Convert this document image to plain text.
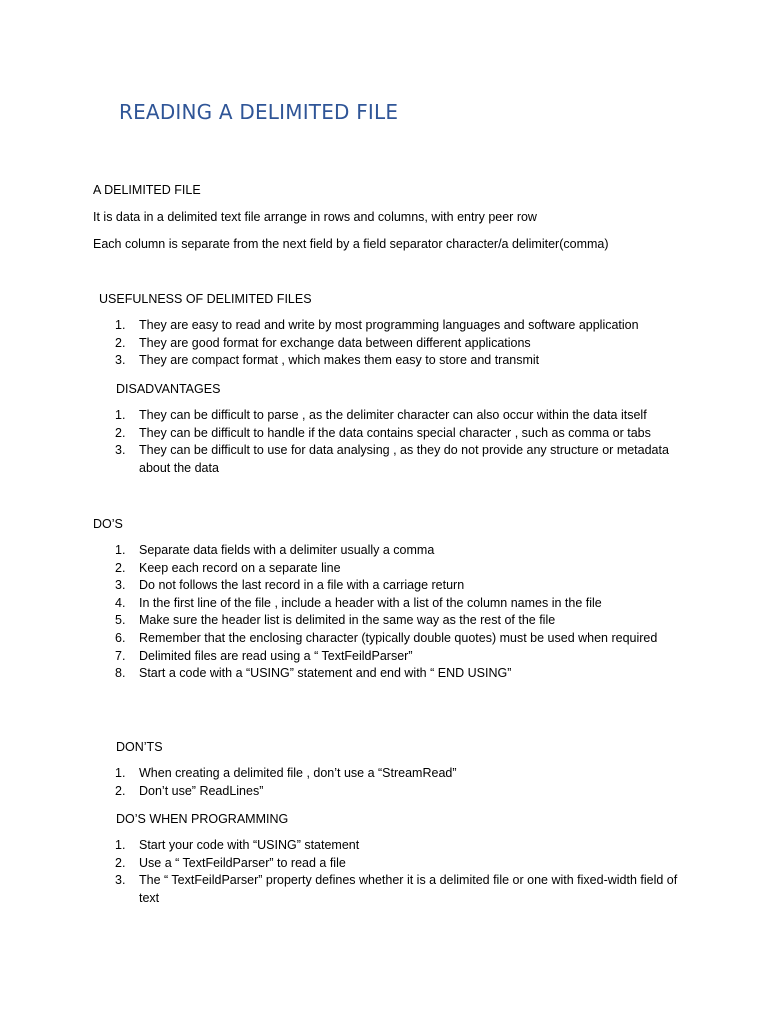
READING A DELIMITED FILE

A DELIMITED FILE

It is data in a delimited text file arrange in rows and columns, with entry peer row

Each column is separate from the next field by a field separator character/a delimiter(comma)

USEFULNESS OF DELIMITED FILES

1.	They are easy to read and write by most programming languages and software application
2.	They are good format for exchange data between different applications
3.	They are compact format , which makes them easy to store and transmit

DISADVANTAGES

1.	They can be difficult to parse , as the delimiter character can also occur within the data itself
2.	They can be difficult to handle if the data contains special character , such as comma or tabs
3.	They can be difficult to use for data analysing , as they do not provide any structure or metadata about the data

DO’S

1.	Separate data fields with a delimiter usually a comma
2.	Keep each record on a separate line
3.	Do not follows the last record in a file with a carriage return
4.	In the first line of the file , include a header with a list of the column names in the file
5.	Make sure the header list is delimited in the same way as the rest of the file
6.	Remember that the enclosing character (typically double quotes) must be used when required
7.	Delimited files are read using a “ TextFeildParser”
8.	Start a code with a “USING” statement and end with “ END USING”

DON’TS

1.	When creating a delimited file , don’t use a “StreamRead”
2.	Don’t use” ReadLines”

DO’S WHEN PROGRAMMING

1.	Start your code with “USING” statement
2.	Use a “ TextFeildParser” to read a file
3.	The “ TextFeildParser” property defines whether it is a delimited file or one with fixed-width field of text
